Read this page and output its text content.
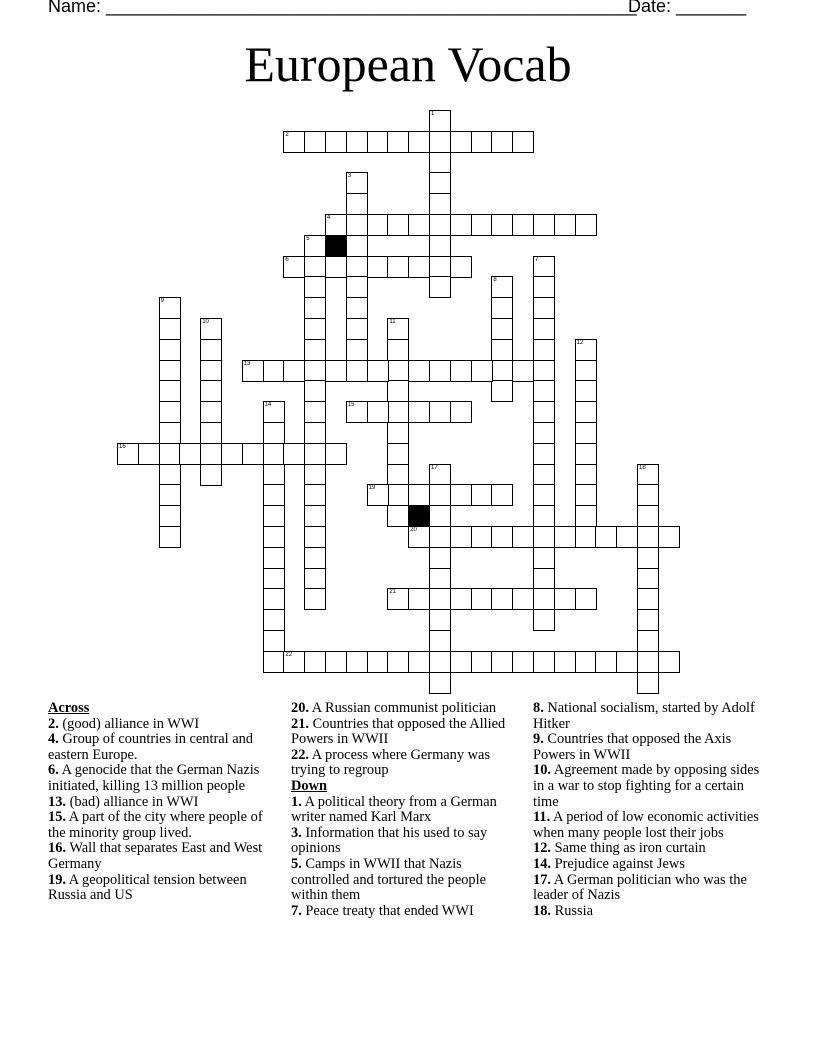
Name: _____________________________________________________
Date: _______
European Vocab
1
2
3
4
5
6	7
8
9
10	11
12
13
14	15
16
17	18
19
20
21
22

Across

2. (good) alliance in WWI

4. Group of countries in central and eastern Europe.

6. A genocide that the German Nazis initiated, killing 13 million people

13. (bad) alliance in WWI

15. A part of the city where people of the minority group lived.

16. Wall that separates East and West Germany

19. A geopolitical tension between Russia and US

20. A Russian communist politician

21. Countries that opposed the Allied Powers in WWII

22. A process where Germany was trying to regroup

Down

1. A political theory from a German writer named Karl Marx

3. Information that his used to say opinions

5. Camps in WWII that Nazis controlled and tortured the people within them

7. Peace treaty that ended WWI

8. National socialism, started by Adolf Hitker

9. Countries that opposed the Axis Powers in WWII

10. Agreement made by opposing sides in a war to stop fighting for a certain time

11. A period of low economic activities when many people lost their jobs

12. Same thing as iron curtain

14. Prejudice against Jews

17. A German politician who was the leader of Nazis

18. Russia
